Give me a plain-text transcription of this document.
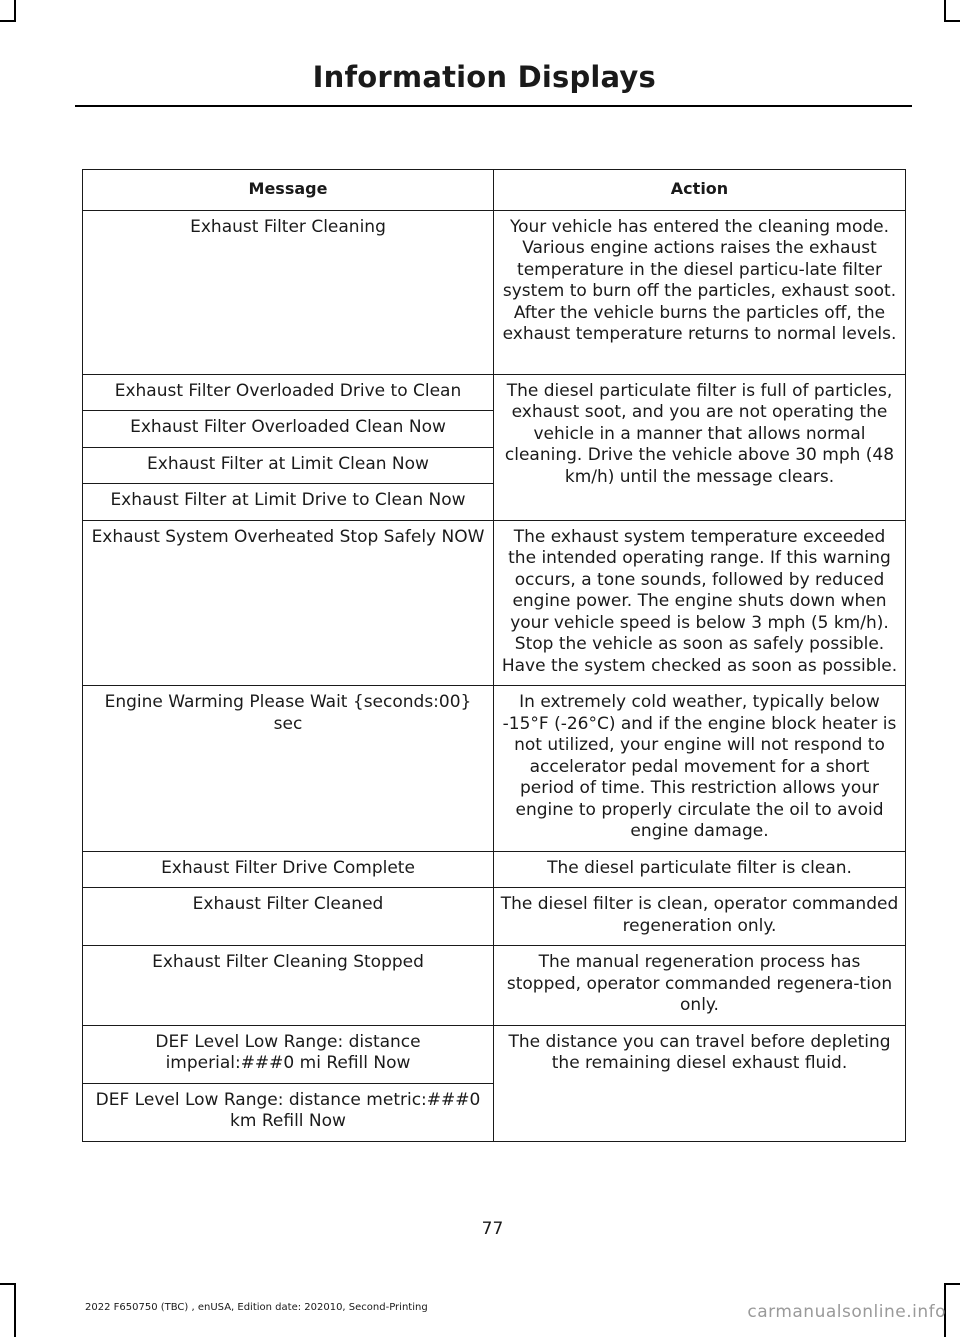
Information Displays
Message	Action
Exhaust Filter Cleaning	Your vehicle has entered the cleaning mode. Various engine actions raises the exhaust temperature in the diesel particu-late filter system to burn off the particles, exhaust soot. After the vehicle burns the particles off, the exhaust temperature returns to normal levels.
Exhaust Filter Overloaded Drive to Clean	The diesel particulate filter is full of particles, exhaust soot, and you are not operating the vehicle in a manner that allows normal cleaning. Drive the vehicle above 30 mph (48 km/h) until the message clears.
Exhaust Filter Overloaded Clean Now	
Exhaust Filter at Limit Clean Now	
Exhaust Filter at Limit Drive to Clean Now	
Exhaust System Overheated Stop Safely NOW	The exhaust system temperature exceeded the intended operating range. If this warning occurs, a tone sounds, followed by reduced engine power. The engine shuts down when your vehicle speed is below 3 mph (5 km/h). Stop the vehicle as soon as safely possible. Have the system checked as soon as possible.
Engine Warming Please Wait {seconds:00} sec	In extremely cold weather, typically below -15°F (-26°C) and if the engine block heater is not utilized, your engine will not respond to accelerator pedal movement for a short period of time. This restriction allows your engine to properly circulate the oil to avoid engine damage.
Exhaust Filter Drive Complete	The diesel particulate filter is clean.
Exhaust Filter Cleaned	The diesel filter is clean, operator commanded regeneration only.
Exhaust Filter Cleaning Stopped	The manual regeneration process has stopped, operator commanded regenera-tion only.
DEF Level Low Range: distance imperial:###0 mi Refill Now	The distance you can travel before depleting the remaining diesel exhaust fluid.
DEF Level Low Range: distance metric:###0 km Refill Now	
77
2022 F650750 (TBC) , enUSA, Edition date: 202010, Second-Printing	carmanualsonline.info
